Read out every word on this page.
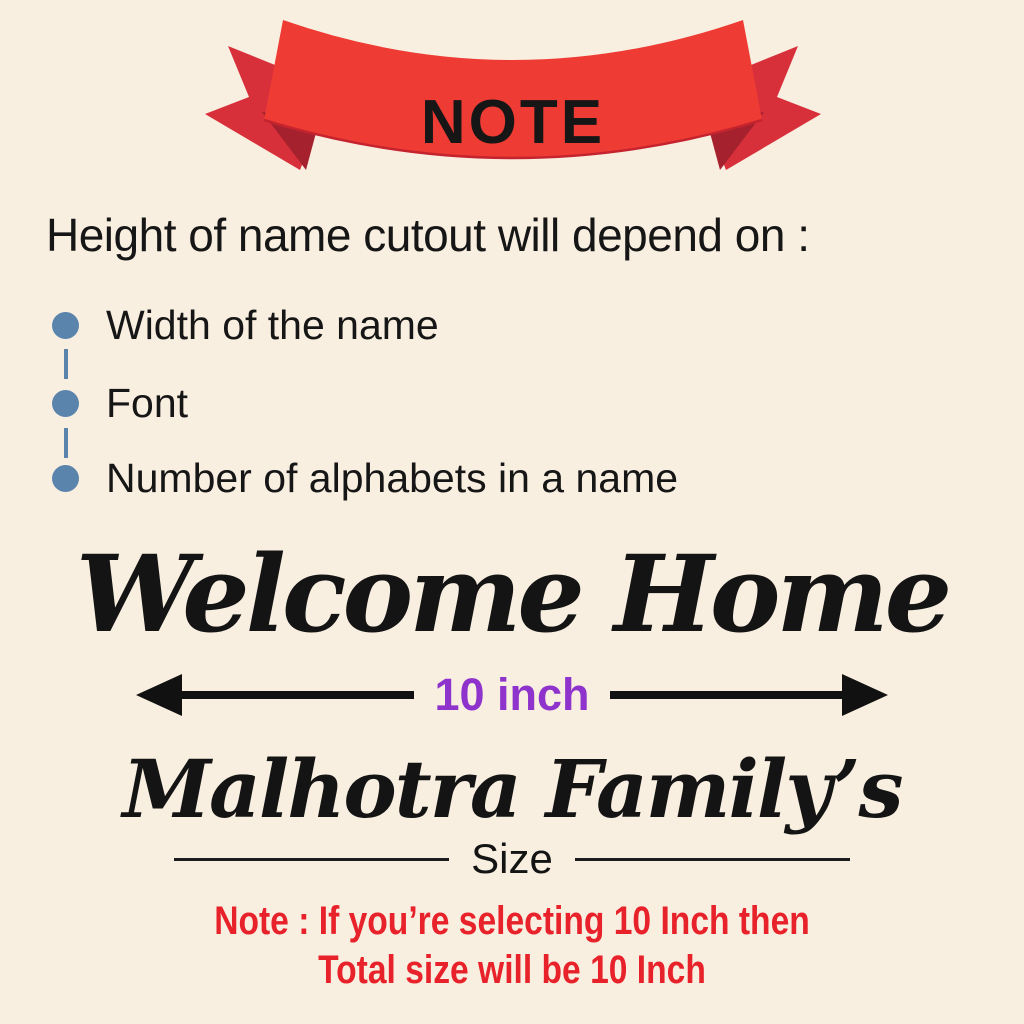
NOTE
Height of name cutout will depend on :
Width of the name
Font
Number of alphabets in a name
Welcome Home
10 inch
Malhotra Family’s
Size
Note : If you’re selecting 10 Inch then
Total size will be 10 Inch
